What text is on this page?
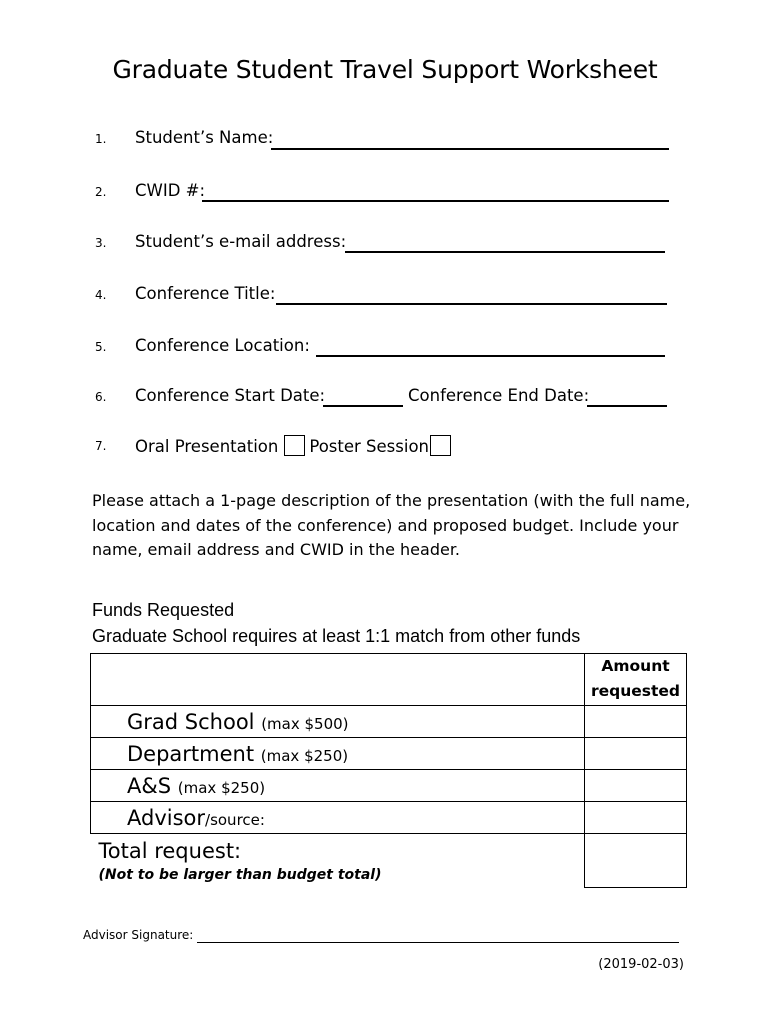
Graduate Student Travel Support Worksheet
1. Student’s Name:
2. CWID #:
3. Student’s e-mail address:
4. Conference Title:
5. Conference Location:
6. Conference Start Date:	Conference End Date:
7. Oral Presentation Poster Session
Please attach a 1-page description of the presentation (with the full name, location and dates of the conference) and proposed budget. Include your name, email address and CWID in the header.
Funds Requested
Graduate School requires at least 1:1 match from other funds
	Amount requested
Grad School (max $500)	
Department (max $250)	
A&S (max $250)	
Advisor/source:	
Total request:
(Not to be larger than budget total)	

Advisor Signature:
(2019-02-03)
